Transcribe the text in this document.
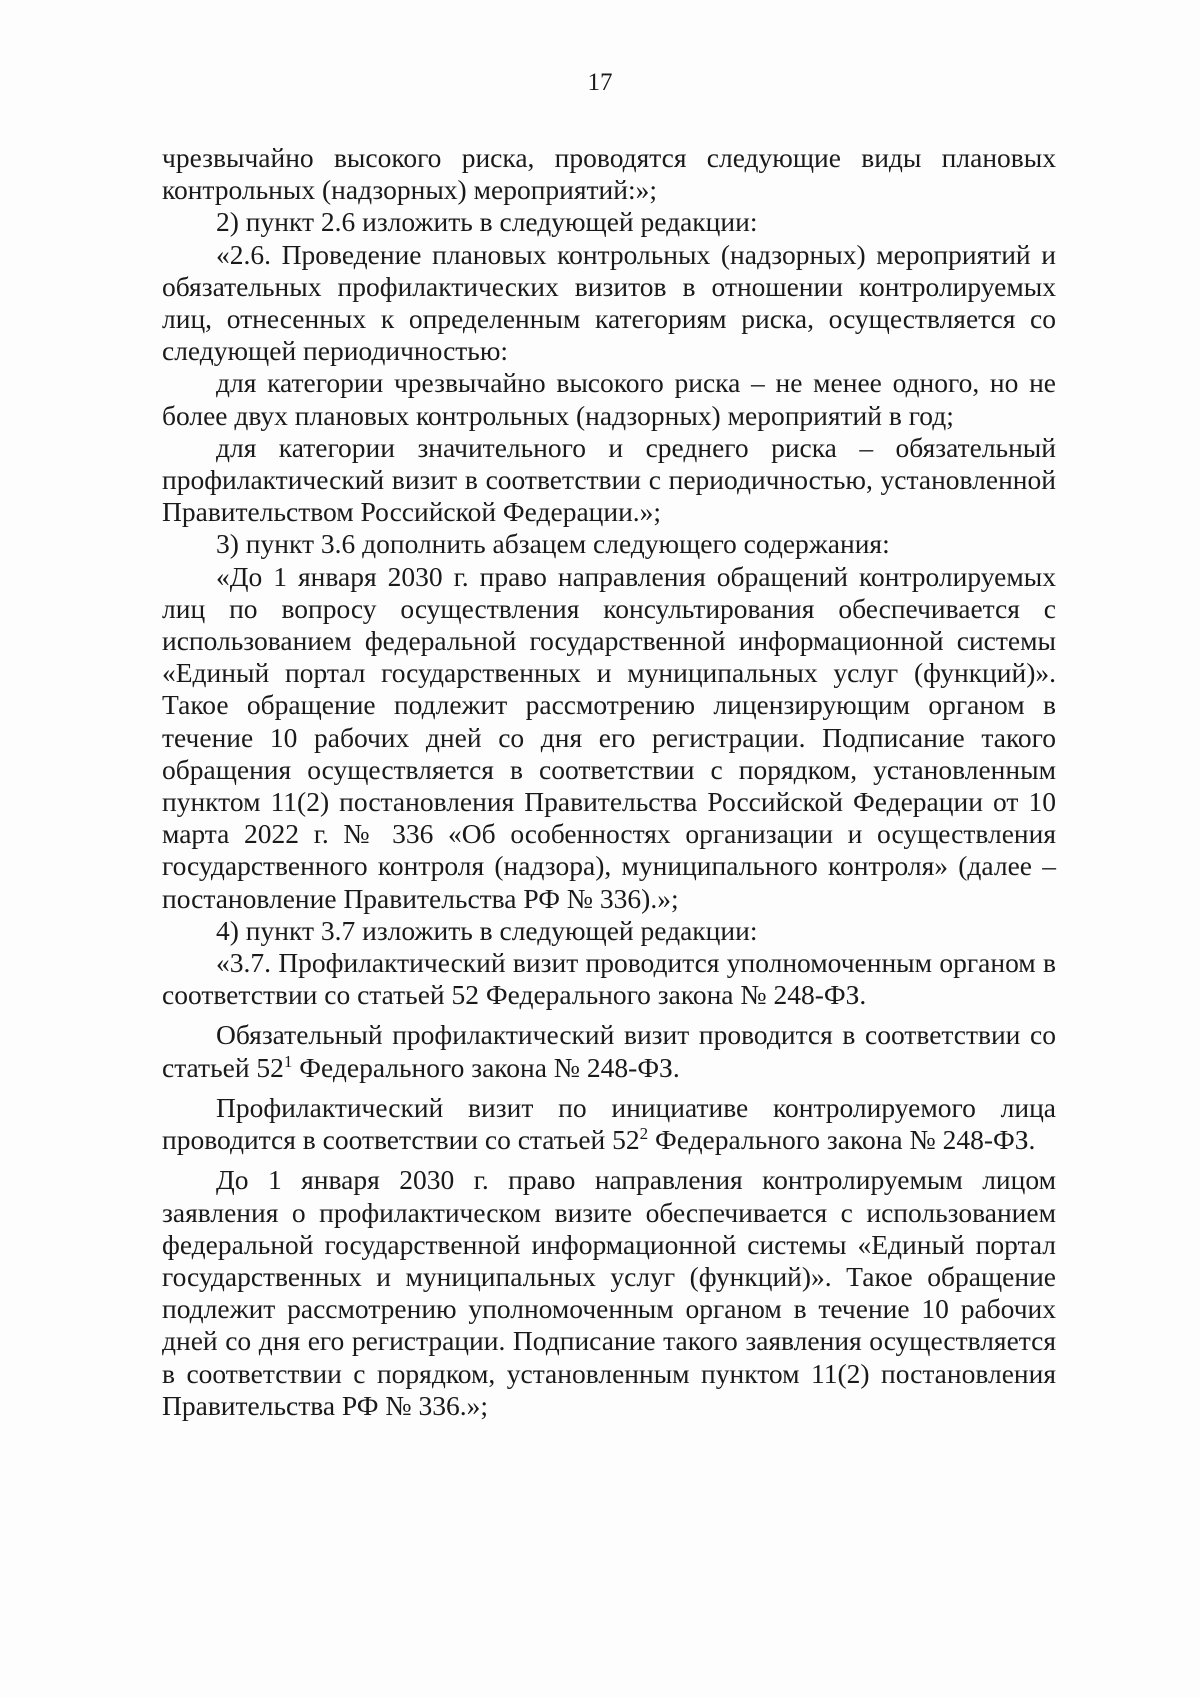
17

чрезвычайно высокого риска, проводятся следующие виды плановых контрольных (надзорных) мероприятий:»;

2) пункт 2.6 изложить в следующей редакции:

«2.6. Проведение плановых контрольных (надзорных) мероприятий и обязательных профилактических визитов в отношении контролируемых лиц, отнесенных к определенным категориям риска, осуществляется со следующей периодичностью:

для категории чрезвычайно высокого риска – не менее одного, но не более двух плановых контрольных (надзорных) мероприятий в год;

для категории значительного и среднего риска – обязательный профилактический визит в соответствии с периодичностью, установленной Правительством Российской Федерации.»;

3) пункт 3.6 дополнить абзацем следующего содержания:

«До 1 января 2030 г. право направления обращений контролируемых лиц по вопросу осуществления консультирования обеспечивается с использованием федеральной государственной информационной системы «Единый портал государственных и муниципальных услуг (функций)». Такое обращение подлежит рассмотрению лицензирующим органом в течение 10 рабочих дней со дня его регистрации. Подписание такого обращения осуществляется в соответствии с порядком, установленным пунктом 11(2) постановления Правительства Российской Федерации от 10 марта 2022 г. № 336 «Об особенностях организации и осуществления государственного контроля (надзора), муниципального контроля» (далее – постановление Правительства РФ № 336).»;

4) пункт 3.7 изложить в следующей редакции:

«3.7. Профилактический визит проводится уполномоченным органом в соответствии со статьей 52 Федерального закона № 248-ФЗ.

Обязательный профилактический визит проводится в соответствии со статьей $52^1$ Федерального закона № 248-ФЗ.

Профилактический визит по инициативе контролируемого лица проводится в соответствии со статьей $52^2$ Федерального закона № 248-ФЗ.

До 1 января 2030 г. право направления контролируемым лицом заявления о профилактическом визите обеспечивается с использованием федеральной государственной информационной системы «Единый портал государственных и муниципальных услуг (функций)». Такое обращение подлежит рассмотрению уполномоченным органом в течение 10 рабочих дней со дня его регистрации. Подписание такого заявления осуществляется в соответствии с порядком, установленным пунктом 11(2) постановления Правительства РФ № 336.»;
